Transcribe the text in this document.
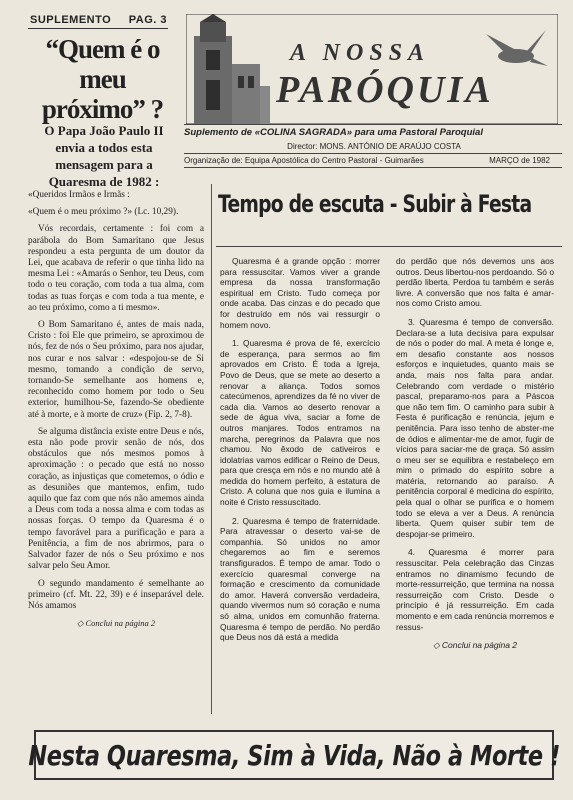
SUPLEMENTO PAG. 3
“Quem é o meu próximo” ?
O Papa João Paulo II envia a todos esta mensagem para a Quaresma de 1982 :
A NOSSA
PARÓQUIA
Suplemento de «COLINA SAGRADA» para uma Pastoral Paroquial
Director: MONS. ANTÓNIO DE ARAÚJO COSTA
Organização de: Equipa Apostólica do Centro Pastoral - Guimarães	MARÇO de 1982

«Queridos Irmãos e Irmãs :

«Quem é o meu próximo ?» (Lc. 10,29).

Vós recordais, certamente : foi com a parábola do Bom Samaritano que Jesus respondeu a esta pergunta de um doutor da Lei, que acabava de referir o que tinha lido na mesma Lei : «Amarás o Senhor, teu Deus, com todo o teu coração, com toda a tua alma, com todas as tuas forças e com toda a tua mente, e ao teu próximo, como a ti mesmo».

O Bom Samaritano é, antes de mais nada, Cristo : foi Ele que primeiro, se aproximou de nós, fez de nós o Seu próximo, para nos ajudar, nos curar e nos salvar : «despojou-se de Si mesmo, tomando a condição de servo, tornando-Se semelhante aos homens e, reconhecido como homem por todo o Seu exterior, humilhou-Se, fazendo-Se obediente até à morte, e à morte de cruz» (Fip. 2, 7-8).

Se alguma distância existe entre Deus e nós, esta não pode provir senão de nós, dos obstáculos que nós mesmos pomos à aproximação : o pecado que está no nosso coração, as injustiças que cometemos, o ódio e as desuniões que mantemos, enfim, tudo aquilo que faz com que nós não amemos ainda a Deus com toda a nossa alma e com todas as nossas forças. O tempo da Quaresma é o tempo favorável para a purificação e para a Penitência, a fim de nos abrirmos, para o Salvador fazer de nós o Seu próximo e nos salvar pelo Seu Amor.

O segundo mandamento é semelhante ao primeiro (cf. Mt. 22, 39) e é inseparável dele. Nós amamos

◇ Conclui na página 2
Tempo de escuta - Subir à Festa

Quaresma é a grande opção : morrer para ressuscitar. Vamos viver a grande empresa da nossa transformação espiritual em Cristo. Tudo começa por onde acaba. Das cinzas e do pecado que for destruído em nós vai ressurgir o homem novo.

1. Quaresma é prova de fé, exercício de esperança, para sermos ao fim aprovados em Cristo. É toda a Igreja, Povo de Deus, que se mete ao deserto a renovar a aliança. Todos somos catecúmenos, aprendizes da fé no viver de cada dia. Vamos ao deserto renovar a sede de água viva, saciar a fome de outros manjares. Todos entramos na marcha, peregrinos da Palavra que nos chamou. No êxodo de cativeiros e idolatrias vamos edificar o Reino de Deus, para que cresça em nós e no mundo até à medida do homem perfeito, à estatura de Cristo. A coluna que nos guia e ilumina a noite é Cristo ressuscitado.

2. Quaresma é tempo de fraternidade. Para atravessar o deserto vai-se de companhia. Só unidos no amor chegaremos ao fim e seremos transfigurados. É tempo de amar. Todo o exercício quaresmal converge na formação e crescimento da comunidade do amor. Haverá conversão verdadeira, quando vivermos num só coração e numa só alma, unidos em comunhão fraterna. Quaresma é tempo de perdão. No perdão que Deus nos dá está a medida

do perdão que nós devemos uns aos outros. Deus libertou-nos perdoando. Só o perdão liberta. Perdoa tu também e serás livre. A conversão que nos falta é amar-nos como Cristo amou.

3. Quaresma é tempo de conversão. Declara-se a luta decisiva para expulsar de nós o poder do mal. A meta é longe e, em desafio constante aos nossos esforços e inquietudes, quanto mais se anda, mais nos falta para andar. Celebrando com verdade o mistério pascal, preparamo-nos para a Páscoa que não tem fim. O caminho para subir à Festa é purificação e renúncia, jejum e penitência. Para isso tenho de abster-me de ódios e alimentar-me de amor, fugir de vícios para saciar-me de graça. Só assim o meu ser se equilibra e restabeleço em mim o primado do espírito sobre a matéria, retornando ao paraíso. A penitência corporal é medicina do espírito, pela qual o olhar se purifica e o homem todo se eleva a ver a Deus. A renúncia liberta. Quem quiser subir tem de despojar-se primeiro.

4. Quaresma é morrer para ressuscitar. Pela celebração das Cinzas entramos no dinamismo fecundo de morte-ressurreição, que termina na nossa ressurreição com Cristo. Desde o princípio é já ressurreição. Em cada momento e em cada renúncia morremos e ressus-

◇ Conclui na página 2
Nesta Quaresma, Sim à Vida, Não à Morte !
